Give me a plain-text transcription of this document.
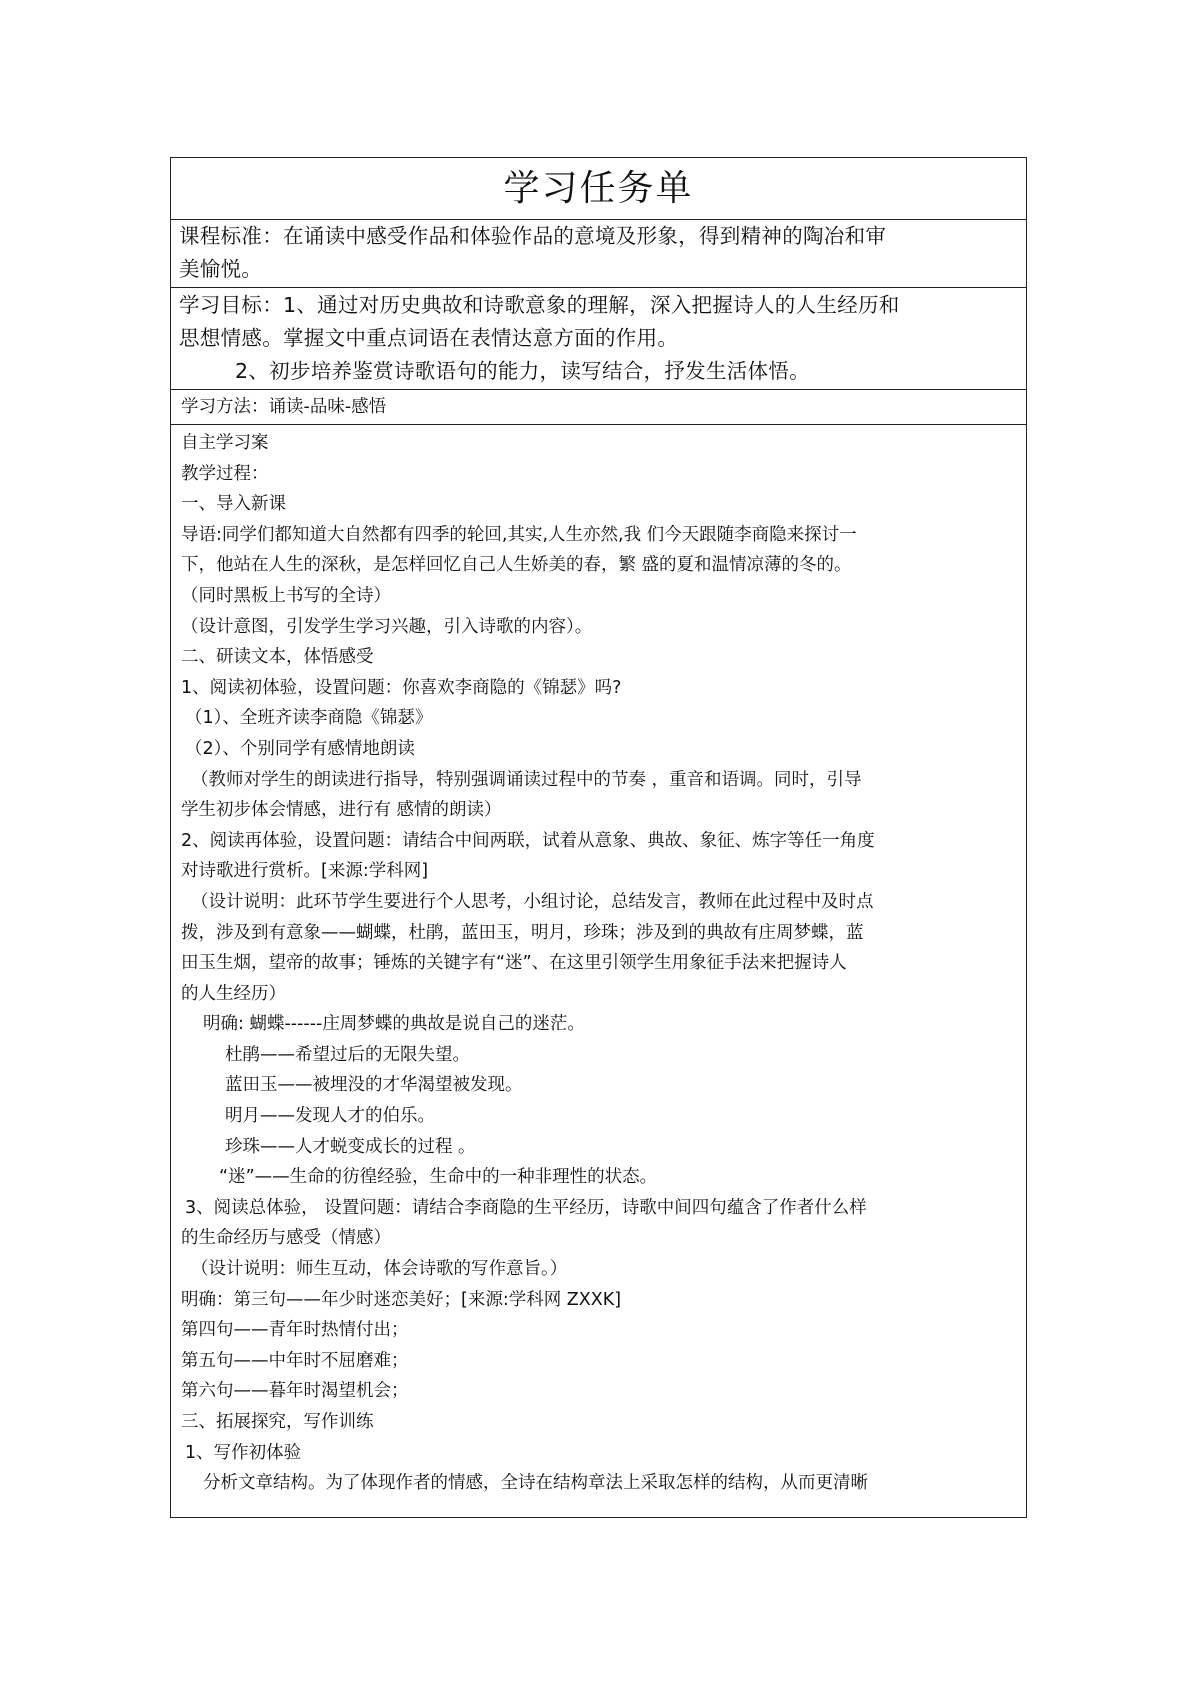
学习任务单

课程标准：在诵读中感受作品和体验作品的意境及形象，得到精神的陶冶和审

美愉悦。

学习目标：1、通过对历史典故和诗歌意象的理解，深入把握诗人的人生经历和

思想情感。掌握文中重点词语在表情达意方面的作用。

2、初步培养鉴赏诗歌语句的能力，读写结合，抒发生活体悟。

学习方法：诵读-品味-感悟

自主学习案

教学过程：

一、导入新课

导语:同学们都知道大自然都有四季的轮回,其实,人生亦然,我 们今天跟随李商隐来探讨一

下，他站在人生的深秋，是怎样回忆自己人生娇美的春，繁 盛的夏和温情凉薄的冬的。

（同时黑板上书写的全诗）

（设计意图，引发学生学习兴趣，引入诗歌的内容）。

二、研读文本，体悟感受

1、阅读初体验，设置问题：你喜欢李商隐的《锦瑟》吗?

（1）、全班齐读李商隐《锦瑟》

（2）、个别同学有感情地朗读

（教师对学生的朗读进行指导，特别强调诵读过程中的节奏 ，重音和语调。同时，引导

学生初步体会情感，进行有 感情的朗读）

2、阅读再体验，设置问题：请结合中间两联，试着从意象、典故、象征、炼字等任一角度

对诗歌进行赏析。[来源:学科网]

（设计说明：此环节学生要进行个人思考，小组讨论，总结发言，教师在此过程中及时点

拨，涉及到有意象——蝴蝶，杜鹃，蓝田玉，明月，珍珠；涉及到的典故有庄周梦蝶，蓝

田玉生烟，望帝的故事；锤炼的关键字有“迷”、在这里引领学生用象征手法来把握诗人

的人生经历）

明确: 蝴蝶------庄周梦蝶的典故是说自己的迷茫。

杜鹃——希望过后的无限失望。

蓝田玉——被埋没的才华渴望被发现。

明月——发现人才的伯乐。

珍珠——人才蜕变成长的过程 。

“迷”——生命的彷徨经验，生命中的一种非理性的状态。

3、阅读总体验， 设置问题：请结合李商隐的生平经历，诗歌中间四句蕴含了作者什么样

的生命经历与感受（情感）

（设计说明：师生互动，体会诗歌的写作意旨。）

明确：第三句——年少时迷恋美好；[来源:学科网 ZXXK]

第四句——青年时热情付出；

第五句——中年时不屈磨难；

第六句——暮年时渴望机会；

三、拓展探究，写作训练

1、写作初体验

分析文章结构。为了体现作者的情感，全诗在结构章法上采取怎样的结构，从而更清晰
